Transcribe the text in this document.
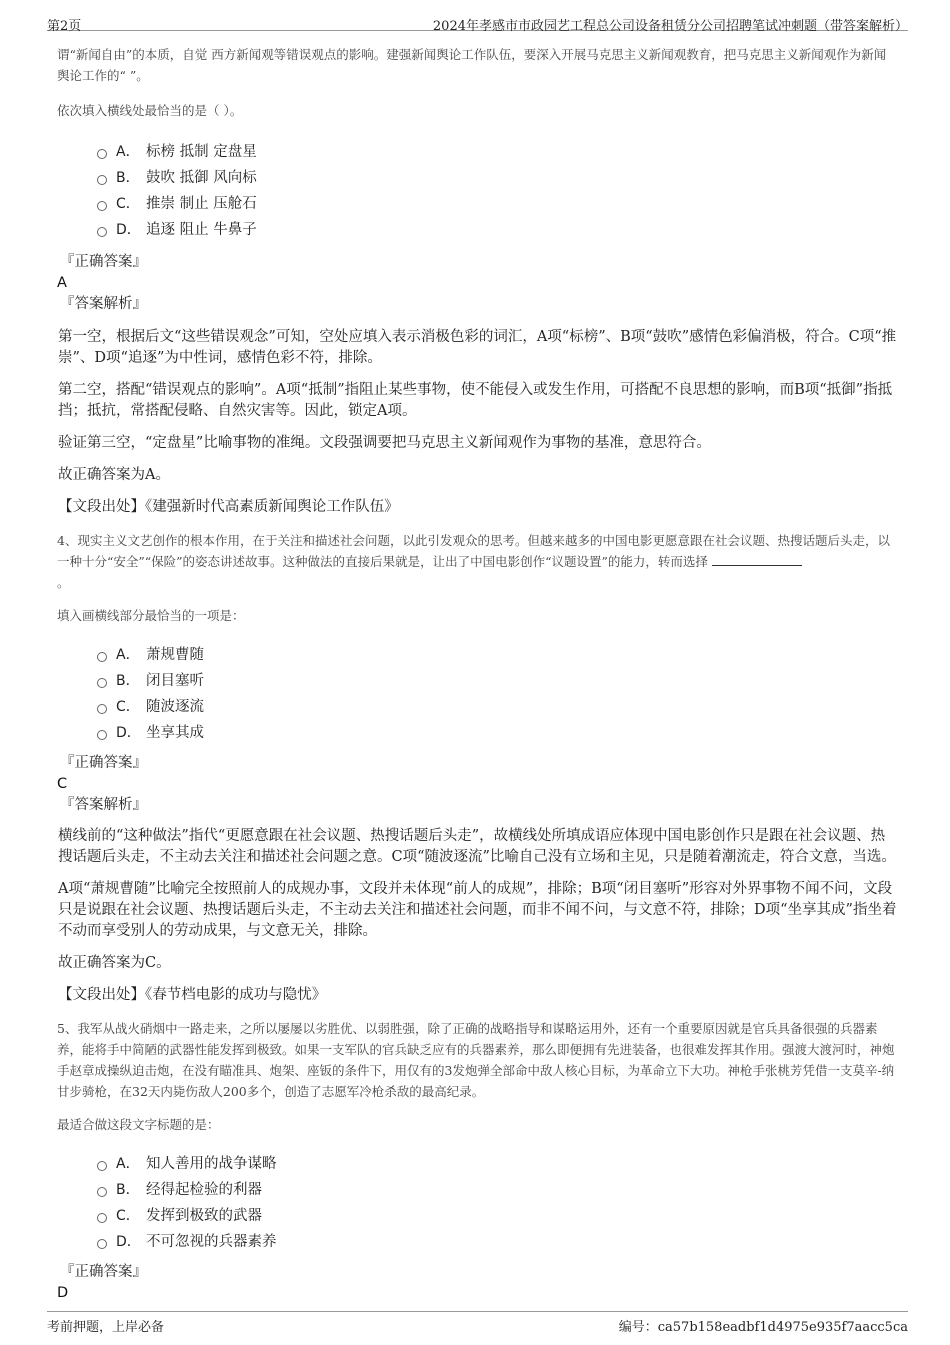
第2页	2024年孝感市市政园艺工程总公司设备租赁分公司招聘笔试冲刺题（带答案解析）

谓“新闻自由”的本质，自觉 西方新闻观等错误观点的影响。建强新闻舆论工作队伍，要深入开展马克思主义新闻观教育，把马克思主义新闻观作为新闻舆论工作的“ ”。

依次填入横线处最恰当的是（ ）。

A． 标榜 抵制 定盘星
B． 鼓吹 抵御 风向标
C． 推崇 制止 压舱石
D． 追逐 阻止 牛鼻子

『正确答案』

A

『答案解析』

第一空，根据后文“这些错误观念”可知，空处应填入表示消极色彩的词汇，A项“标榜”、B项“鼓吹”感情色彩偏消极，符合。C项“推崇”、D项“追逐”为中性词，感情色彩不符，排除。

第二空，搭配“错误观点的影响”。A项“抵制”指阻止某些事物，使不能侵入或发生作用，可搭配不良思想的影响，而B项“抵御”指抵挡；抵抗，常搭配侵略、自然灾害等。因此，锁定A项。

验证第三空，“定盘星”比喻事物的准绳。文段强调要把马克思主义新闻观作为事物的基准，意思符合。

故正确答案为A。

【文段出处】《建强新时代高素质新闻舆论工作队伍》

4、现实主义文艺创作的根本作用，在于关注和描述社会问题，以此引发观众的思考。但越来越多的中国电影更愿意跟在社会议题、热搜话题后头走，以一种十分“安全”“保险”的姿态讲述故事。这种做法的直接后果就是，让出了中国电影创作“议题设置”的能力，转而选择
。

填入画横线部分最恰当的一项是：

A． 萧规曹随
B． 闭目塞听
C． 随波逐流
D． 坐享其成

『正确答案』

C

『答案解析』

横线前的“这种做法”指代“更愿意跟在社会议题、热搜话题后头走”，故横线处所填成语应体现中国电影创作只是跟在社会议题、热搜话题后头走，不主动去关注和描述社会问题之意。C项“随波逐流”比喻自己没有立场和主见，只是随着潮流走，符合文意，当选。

A项“萧规曹随”比喻完全按照前人的成规办事，文段并未体现“前人的成规”，排除；B项“闭目塞听”形容对外界事物不闻不问，文段只是说跟在社会议题、热搜话题后头走，不主动去关注和描述社会问题，而非不闻不问，与文意不符，排除；D项“坐享其成”指坐着不动而享受别人的劳动成果，与文意无关，排除。

故正确答案为C。

【文段出处】《春节档电影的成功与隐忧》

5、我军从战火硝烟中一路走来，之所以屡屡以劣胜优、以弱胜强，除了正确的战略指导和谋略运用外，还有一个重要原因就是官兵具备很强的兵器素养，能将手中简陋的武器性能发挥到极致。如果一支军队的官兵缺乏应有的兵器素养，那么即便拥有先进装备，也很难发挥其作用。强渡大渡河时，神炮手赵章成操纵迫击炮，在没有瞄准具、炮架、座钣的条件下，用仅有的3发炮弹全部命中敌人核心目标，为革命立下大功。神枪手张桃芳凭借一支莫辛-纳甘步骑枪，在32天内毙伤敌人200多个，创造了志愿军冷枪杀敌的最高纪录。

最适合做这段文字标题的是：

A． 知人善用的战争谋略
B． 经得起检验的利器
C． 发挥到极致的武器
D． 不可忽视的兵器素养

『正确答案』

D

考前押题，上岸必备	编号：ca57b158eadbf1d4975e935f7aacc5ca
